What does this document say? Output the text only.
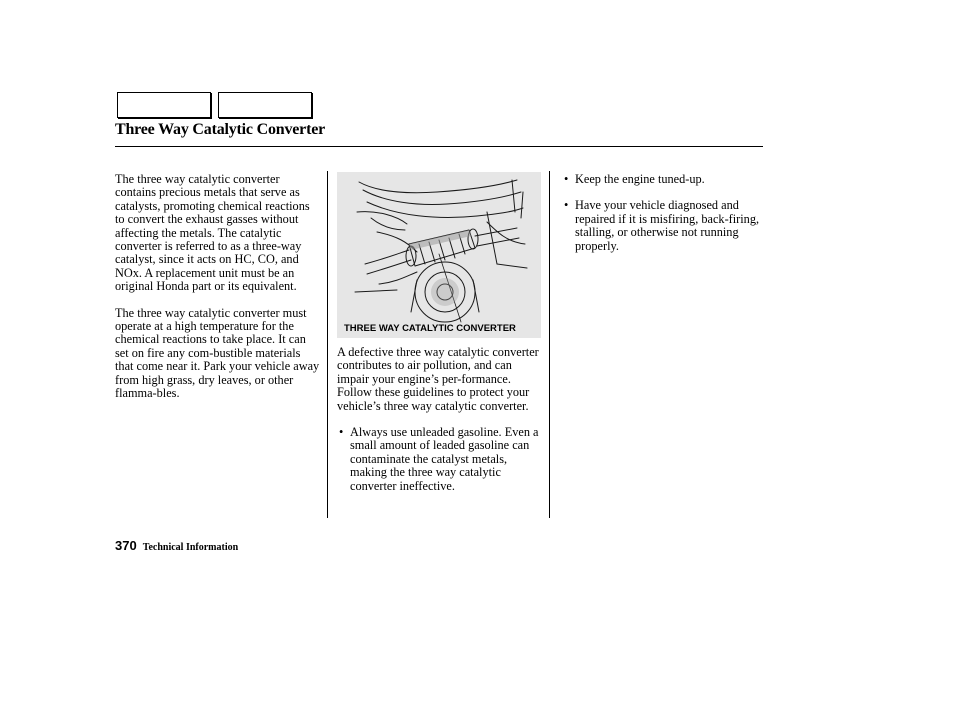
Three Way Catalytic Converter

The three way catalytic converter contains precious metals that serve as catalysts, promoting chemical reactions to convert the exhaust gasses without affecting the metals. The catalytic converter is referred to as a three-way catalyst, since it acts on HC, CO, and NOx. A replacement unit must be an original Honda part or its equivalent.

The three way catalytic converter must operate at a high temperature for the chemical reactions to take place. It can set on fire any com-bustible materials that come near it. Park your vehicle away from high grass, dry leaves, or other flamma-bles.

THREE WAY CATALYTIC CONVERTER

A defective three way catalytic converter contributes to air pollution, and can impair your engine’s per-formance. Follow these guidelines to protect your vehicle’s three way catalytic converter.

• Always use unleaded gasoline. Even a small amount of leaded gasoline can contaminate the catalyst metals, making the three way catalytic converter ineffective.
• Keep the engine tuned-up.
• Have your vehicle diagnosed and repaired if it is misfiring, back-firing, stalling, or otherwise not running properly.
370 Technical Information
